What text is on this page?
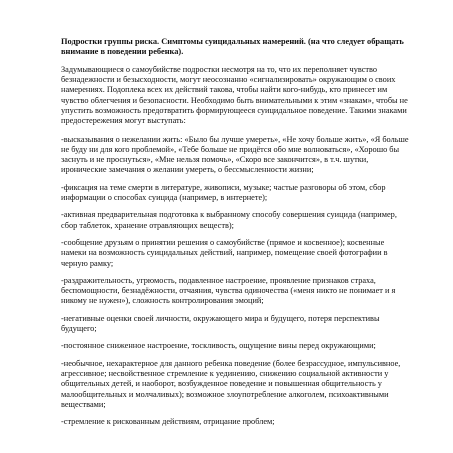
Подростки группы риска. Симптомы суицидальных намерений. (на что следует обращать внимание в поведении ребенка).

Задумывающиеся о самоубийстве подростки несмотря на то, что их переполняет чувство безнадежности и безысходности, могут неосознанно «сигнализировать» окружающим о своих намерениях. Подоплека всех их действий такова, чтобы найти кого-нибудь, кто принесет им чувство облегчения и безопасности. Необходимо быть внимательными к этим «знакам», чтобы не упустить возможность предотвратить формирующееся суицидальное поведение. Такими знаками предостережения могут выступать:

-высказывания о нежелании жить: «Было бы лучше умереть», «Не хочу больше жить», «Я больше не буду ни для кого проблемой», «Тебе больше не придётся обо мне волноваться», «Хорошо бы заснуть и не проснуться», «Мне нельзя помочь», «Скоро все закончится», в т.ч. шутки, иронические замечания о желании умереть, о бессмысленности жизни;

-фиксация на теме смерти в литературе, живописи, музыке; частые разговоры об этом, сбор информации о способах суицида (например, в интернете);

-активная предварительная подготовка к выбранному способу совершения суицида (например, сбор таблеток, хранение отравляющих веществ);

-сообщение друзьям о принятии решения о самоубийстве (прямое и косвенное); косвенные намеки на возможность суицидальных действий, например, помещение своей фотографии в черную рамку;

-раздражительность, угрюмость, подавленное настроение, проявление признаков страха, беспомощности, безнадёжности, отчаяния, чувства одиночества («меня никто не понимает и я никому не нужен»), сложность контролирования эмоций;

-негативные оценки своей личности, окружающего мира и будущего, потеря перспективы будущего;

-постоянное сниженное настроение, тоскливость, ощущение вины перед окружающими;

-необычное, нехарактерное для данного ребенка поведение (более безрассудное, импульсивное, агрессивное; несвойственное стремление к уединению, снижению социальной активности у общительных детей, и наоборот, возбужденное поведение и повышенная общительность у малообщительных и молчаливых); возможное злоупотребление алкоголем, психоактивными веществами;

-стремление к рискованным действиям, отрицание проблем;
